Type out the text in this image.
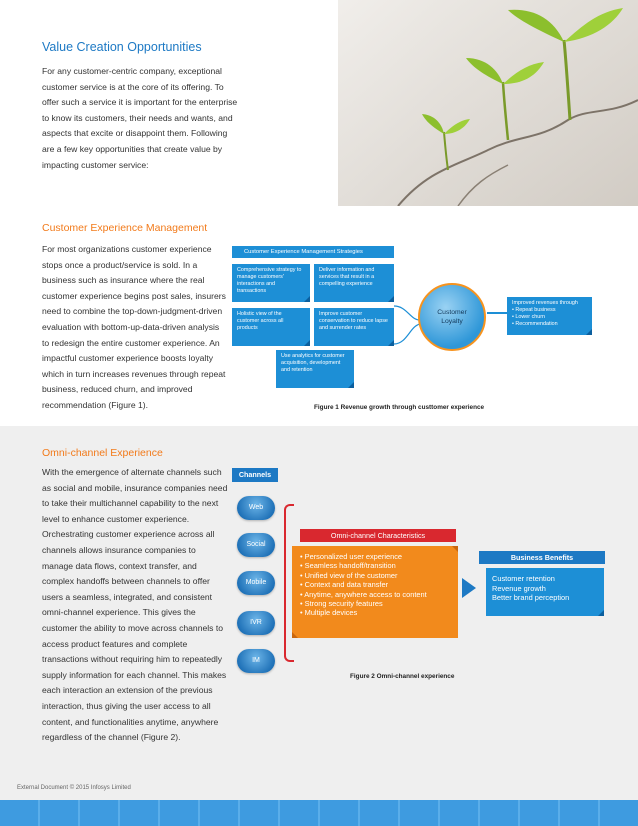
Value Creation Opportunities

For any customer-centric company, exceptional customer service is at the core of its offering. To offer such a service it is important for the enterprise to know its customers, their needs and wants, and aspects that excite or disappoint them. Following are a few key opportunities that create value by impacting customer service:

Customer Experience Management

For most organizations customer experience stops once a product/service is sold. In a business such as insurance where the real customer experience begins post sales, insurers need to combine the top-down-judgment-driven evaluation with bottom-up-data-driven analysis to redesign the entire customer experience. An impactful customer experience boosts loyalty which in turn increases revenues through repeat business, reduced churn, and improved recommendation (Figure 1).

Customer Experience Management Strategies
Comprehensive strategy to manage customers' interactions and transactions
Deliver information and services that result in a compelling experience
Holistic view of the customer across all products
Improve customer conservation to reduce lapse and surrender rates
Use analytics for customer acquisition, development and retention
Customer Loyalty
Improved revenues through
• Repeat business
• Lower churn
• Recommendation
Figure 1 Revenue growth through custtomer experience
Omni-channel Experience

With the emergence of alternate channels such as social and mobile, insurance companies need to take their multichannel capability to the next level to enhance customer experience. Orchestrating customer experience across all channels allows insurance companies to manage data flows, context transfer, and complex handoffs between channels to offer users a seamless, integrated, and consistent omni-channel experience. This gives the customer the ability to move across channels to access product features and complete transactions without requiring him to repeatedly supply information for each channel. This makes each interaction an extension of the previous interaction, thus giving the user access to all content, and functionalities anytime, anywhere regardless of the channel (Figure 2).

Channels
Web
Social
Mobile
IVR
IM
Omni-channel Characteristics
• Personalized user experience
• Seamless handoff/transition
• Unified view of the customer
• Context and data transfer
• Anytime, anywhere access to content
• Strong security features
• Multiple devices
Business Benefits
Customer retention
Revenue growth
Better brand perception
Figure 2 Omni-channel experience
External Document © 2015 Infosys Limited
